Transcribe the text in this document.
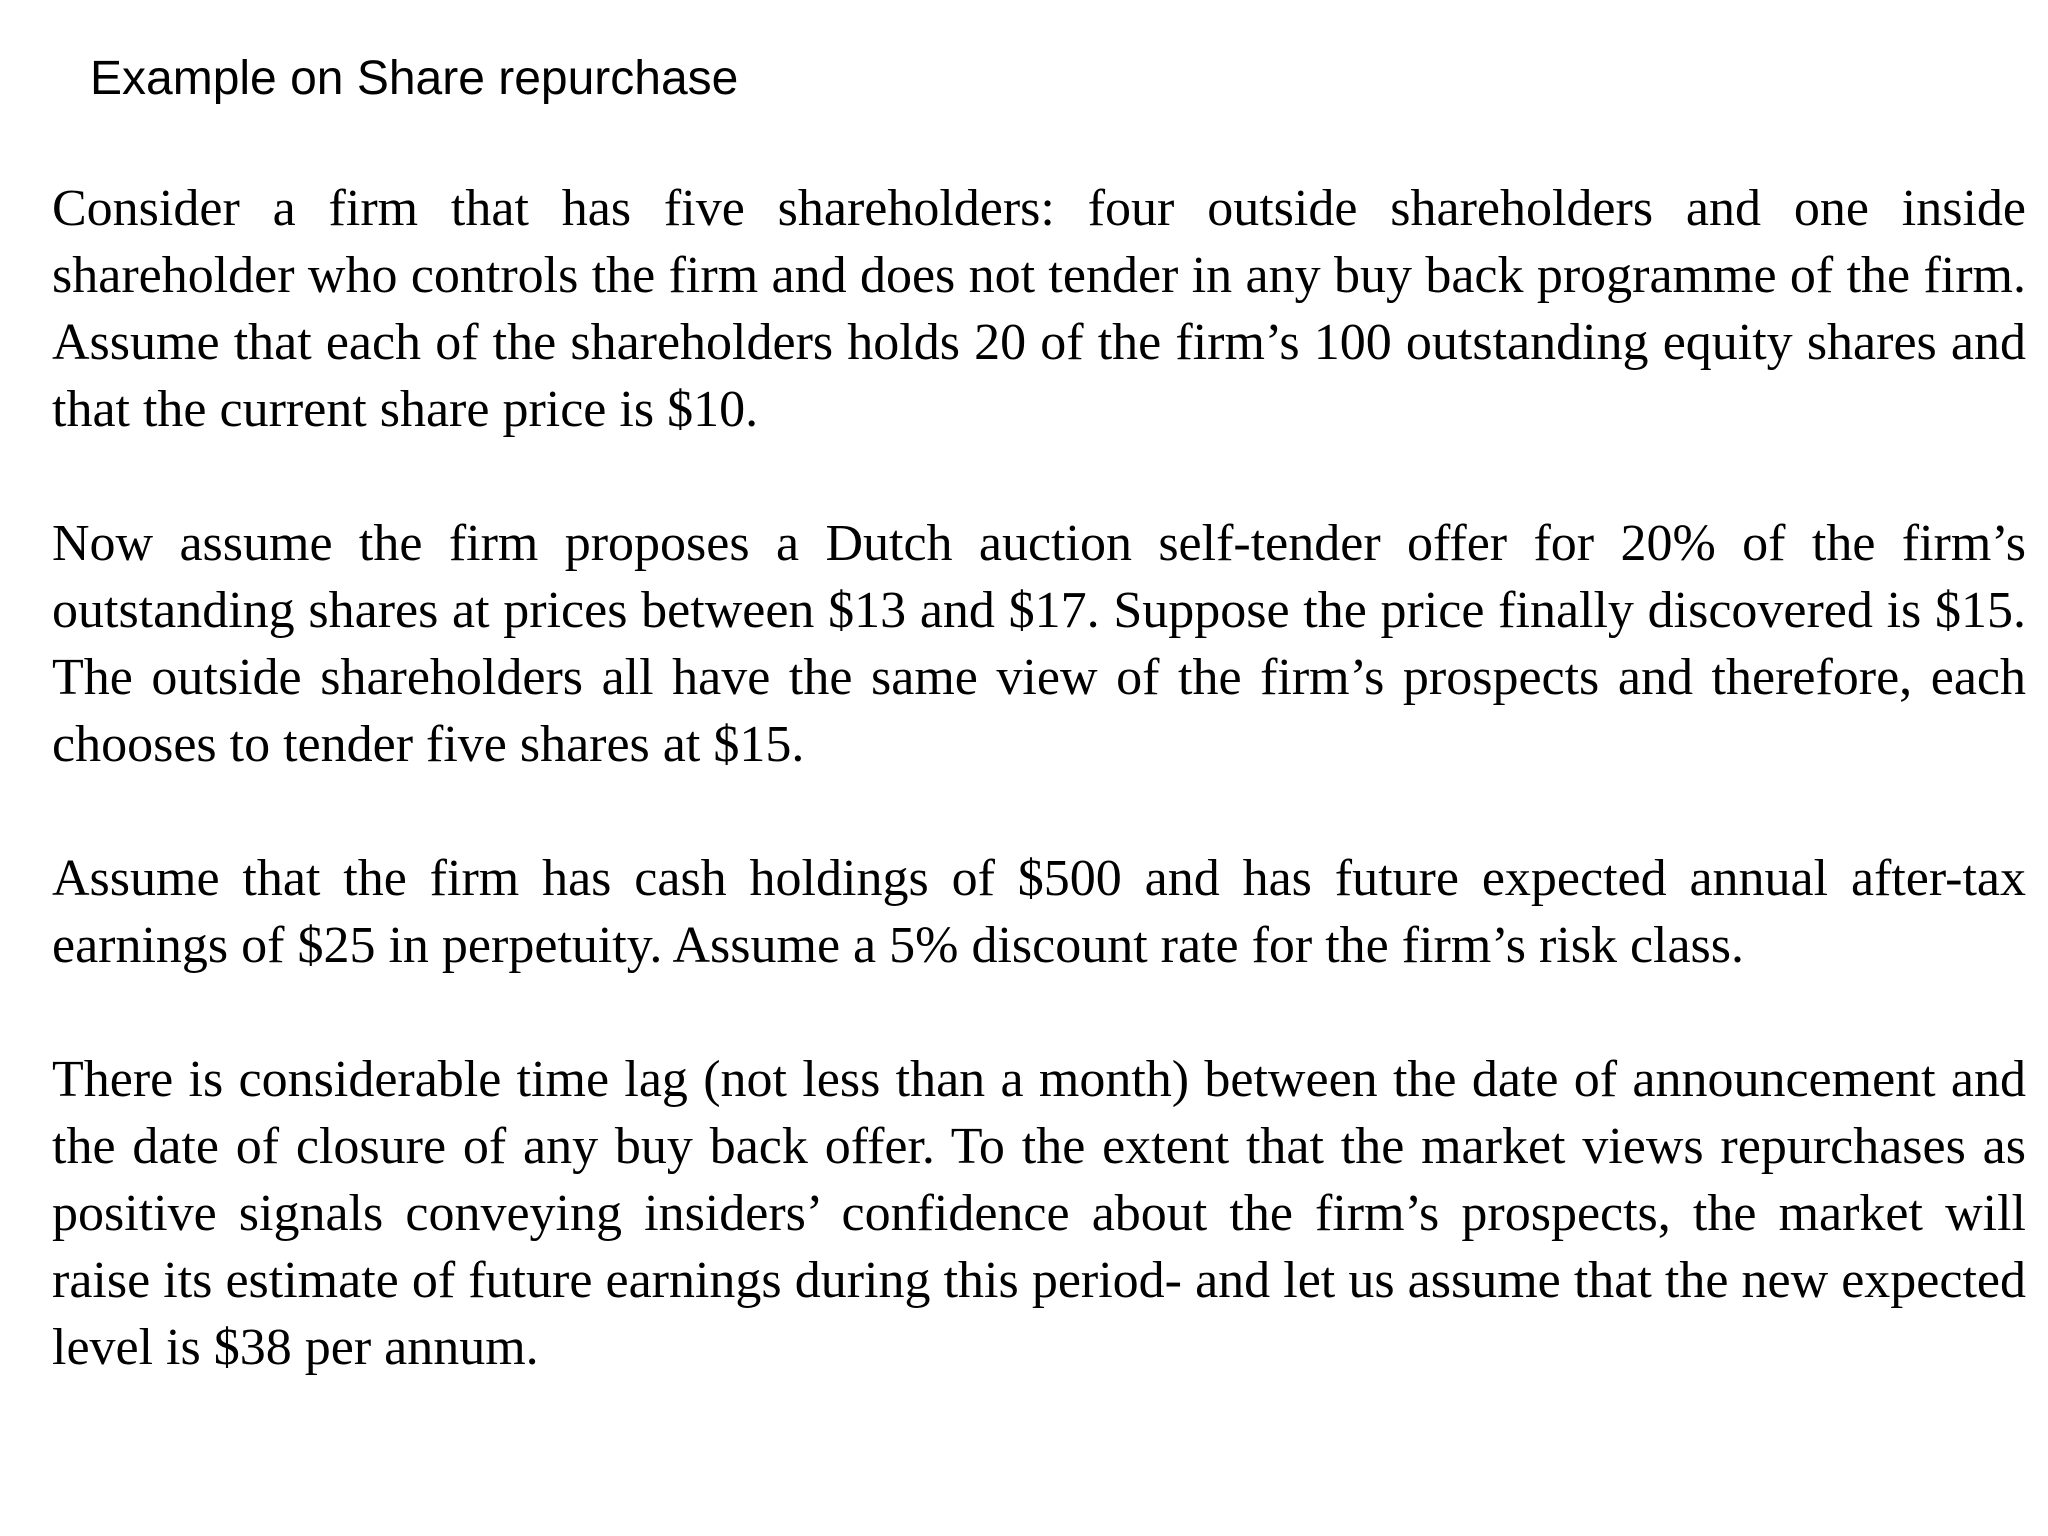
Example on Share repurchase

Consider a firm that has five shareholders: four outside shareholders and one inside shareholder who controls the firm and does not tender in any buy back programme of the firm. Assume that each of the shareholders holds 20 of the firm’s 100 outstanding equity shares and that the current share price is $10.

Now assume the firm proposes a Dutch auction self-tender offer for 20% of the firm’s outstanding shares at prices between $13 and $17. Suppose the price finally discovered is $15. The outside shareholders all have the same view of the firm’s prospects and therefore, each chooses to tender five shares at $15.

Assume that the firm has cash holdings of $500 and has future expected annual after-tax earnings of $25 in perpetuity. Assume a 5% discount rate for the firm’s risk class.

There is considerable time lag (not less than a month) between the date of announcement and the date of closure of any buy back offer. To the extent that the market views repurchases as positive signals conveying insiders’ confidence about the firm’s prospects, the market will raise its estimate of future earnings during this period- and let us assume that the new expected level is $38 per annum.
